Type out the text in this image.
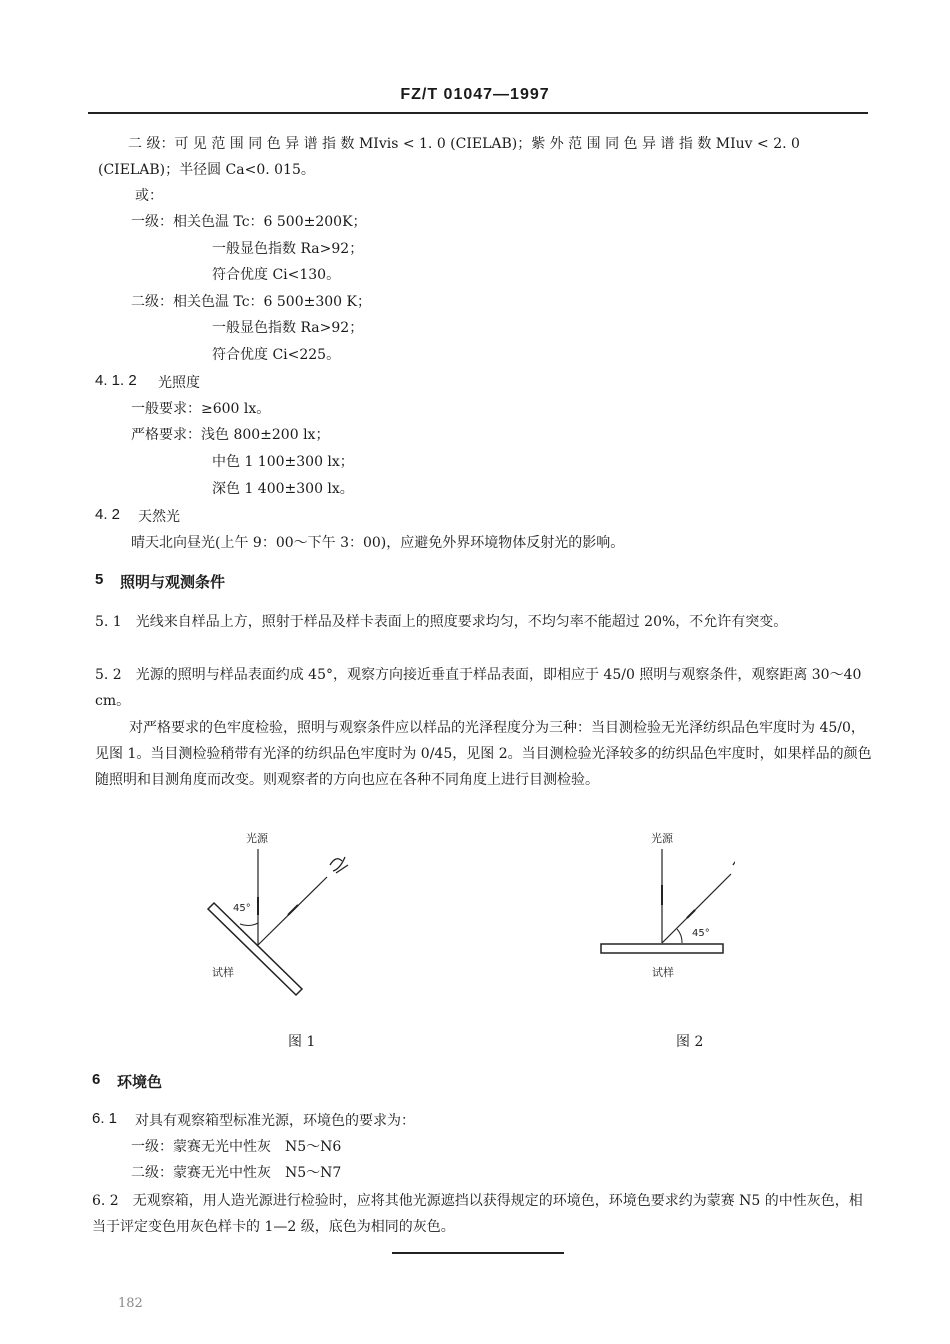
FZ/T 01047—1997
二 级：可 见 范 围 同 色 异 谱 指 数 MIvis < 1. 0 (CIELAB)；紫 外 范 围 同 色 异 谱 指 数 MIuv < 2. 0
(CIELAB)；半径圆 Ca<0. 015。
或：
一级：相关色温 Tc：6 500±200K；
一般显色指数 Ra>92；
符合优度 Ci<130。
二级：相关色温 Tc：6 500±300 K；
一般显色指数 Ra>92；
符合优度 Ci<225。
4. 1. 2 光照度
一般要求：≥600 lx。
严格要求：浅色 800±200 lx；
中色 1 100±300 lx；
深色 1 400±300 lx。
4. 2 天然光
晴天北向昼光(上午 9：00～下午 3：00)，应避免外界环境物体反射光的影响。
5 照明与观测条件
5. 1　光线来自样品上方，照射于样品及样卡表面上的照度要求均匀，不均匀率不能超过 20%，不允许有突变。
5. 2　光源的照明与样品表面约成 45°，观察方向接近垂直于样品表面，即相应于 45/0 照明与观察条件，观察距离 30～40 cm。
对严格要求的色牢度检验，照明与观察条件应以样品的光泽程度分为三种：当目测检验无光泽纺织品色牢度时为 45/0，见图 1。当目测检验稍带有光泽的纺织品色牢度时为 0/45，见图 2。当目测检验光泽较多的纺织品色牢度时，如果样品的颜色随照明和目测角度而改变。则观察者的方向也应在各种不同角度上进行目测检验。
光源
45°
试样
图 1
光源
45°
试样
图 2
6 环境色
6. 1 对具有观察箱型标准光源，环境色的要求为：
一级：蒙赛无光中性灰　N5～N6
二级：蒙赛无光中性灰　N5～N7
6. 2　无观察箱，用人造光源进行检验时，应将其他光源遮挡以获得规定的环境色，环境色要求约为蒙赛 N5 的中性灰色，相当于评定变色用灰色样卡的 1—2 级，底色为相同的灰色。
182
